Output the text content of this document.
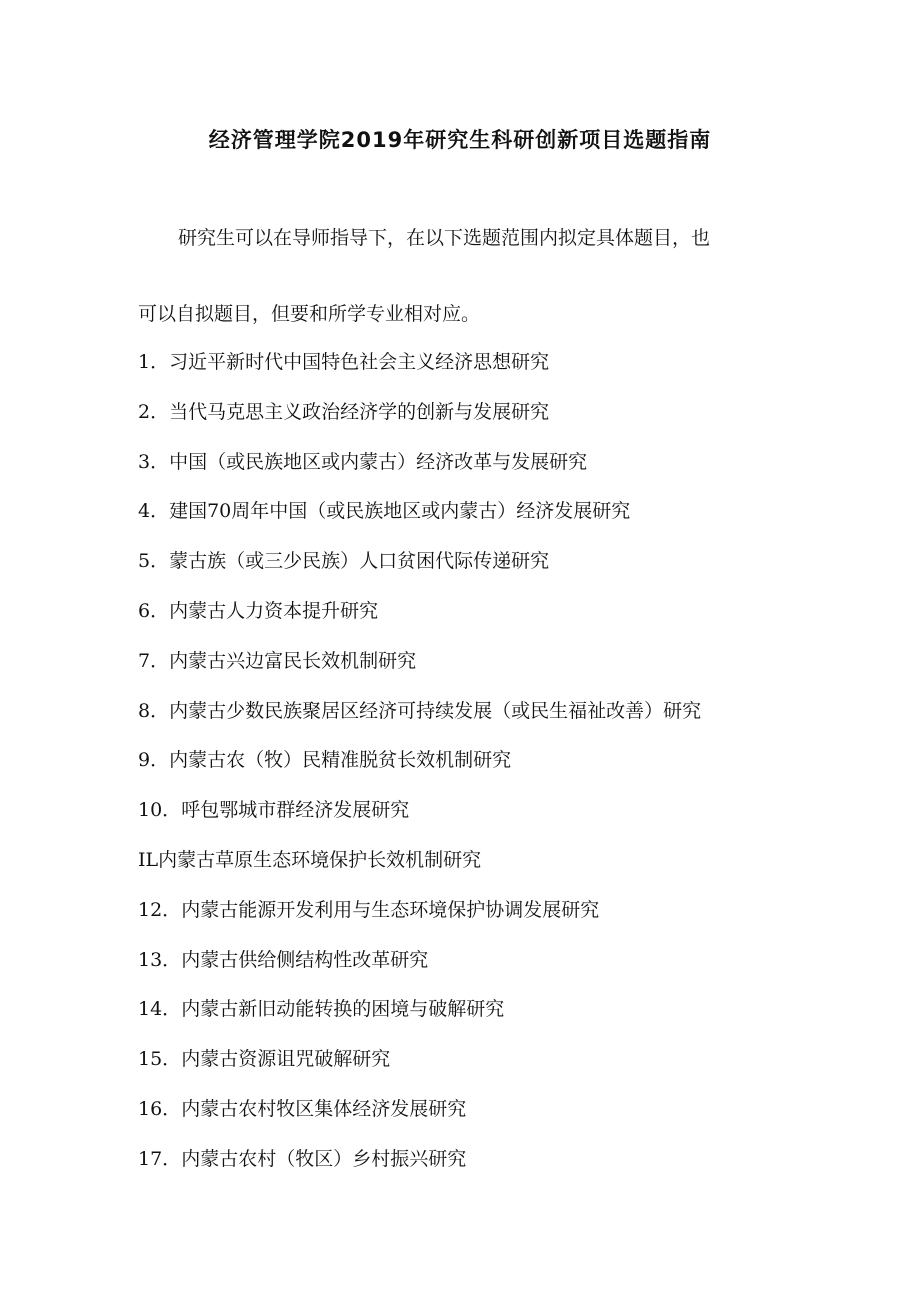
经济管理学院2019年研究生科研创新项目选题指南
研究生可以在导师指导下，在以下选题范围内拟定具体题目，也
可以自拟题目，但要和所学专业相对应。
1．习近平新时代中国特色社会主义经济思想研究
2．当代马克思主义政治经济学的创新与发展研究
3．中国（或民族地区或内蒙古）经济改革与发展研究
4．建国70周年中国（或民族地区或内蒙古）经济发展研究
5．蒙古族（或三少民族）人口贫困代际传递研究
6．内蒙古人力资本提升研究
7．内蒙古兴边富民长效机制研究
8．内蒙古少数民族聚居区经济可持续发展（或民生福祉改善）研究
9．内蒙古农（牧）民精准脱贫长效机制研究
10．呼包鄂城市群经济发展研究
IL内蒙古草原生态环境保护长效机制研究
12．内蒙古能源开发利用与生态环境保护协调发展研究
13．内蒙古供给侧结构性改革研究
14．内蒙古新旧动能转换的困境与破解研究
15．内蒙古资源诅咒破解研究
16．内蒙古农村牧区集体经济发展研究
17．内蒙古农村（牧区）乡村振兴研究
